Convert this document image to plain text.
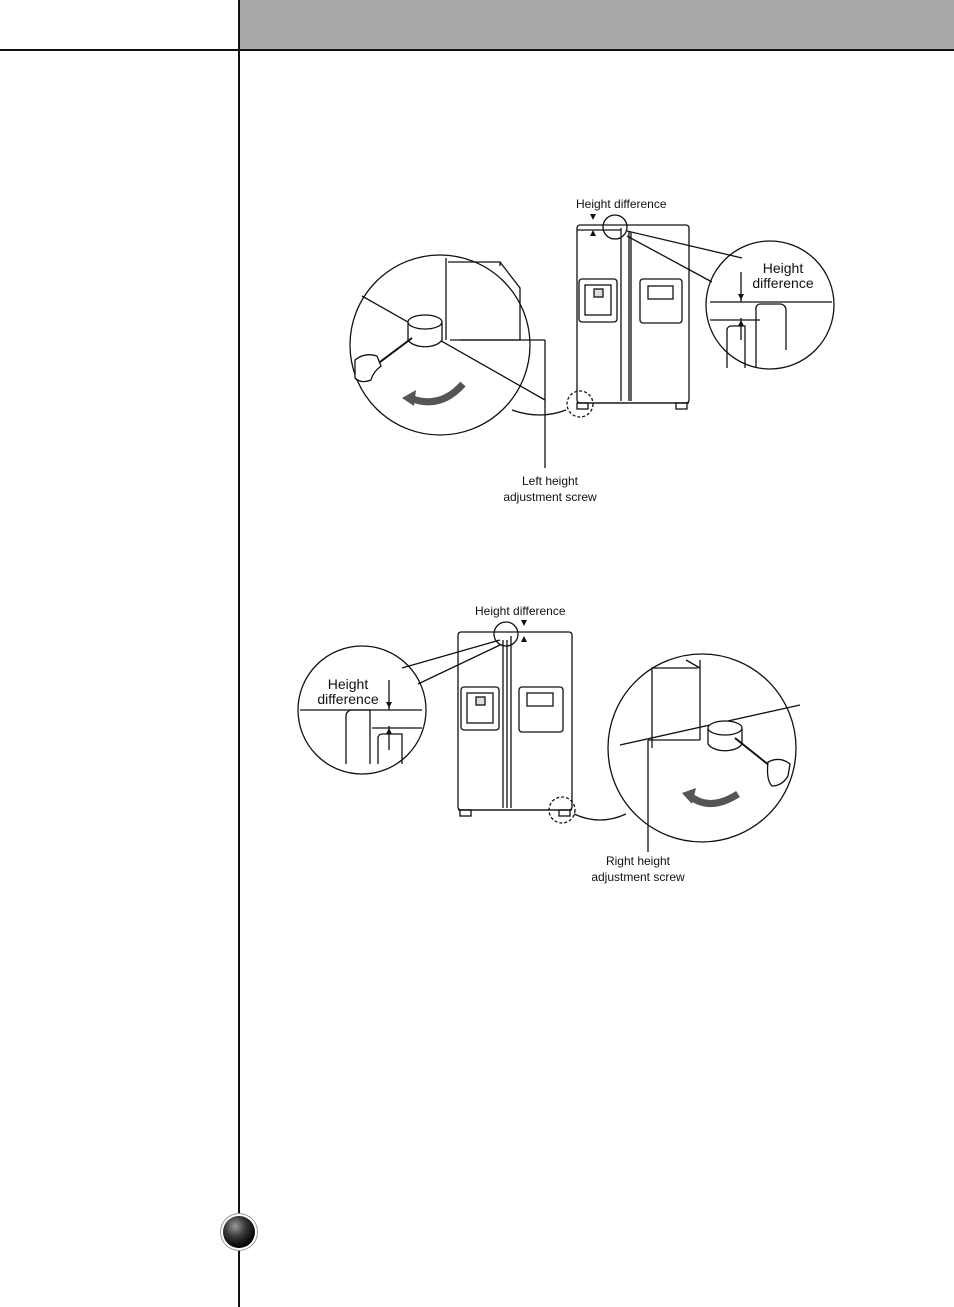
Height difference
Height
difference
Left height
adjustment screw
Height difference
Height
difference
Right height
adjustment screw
